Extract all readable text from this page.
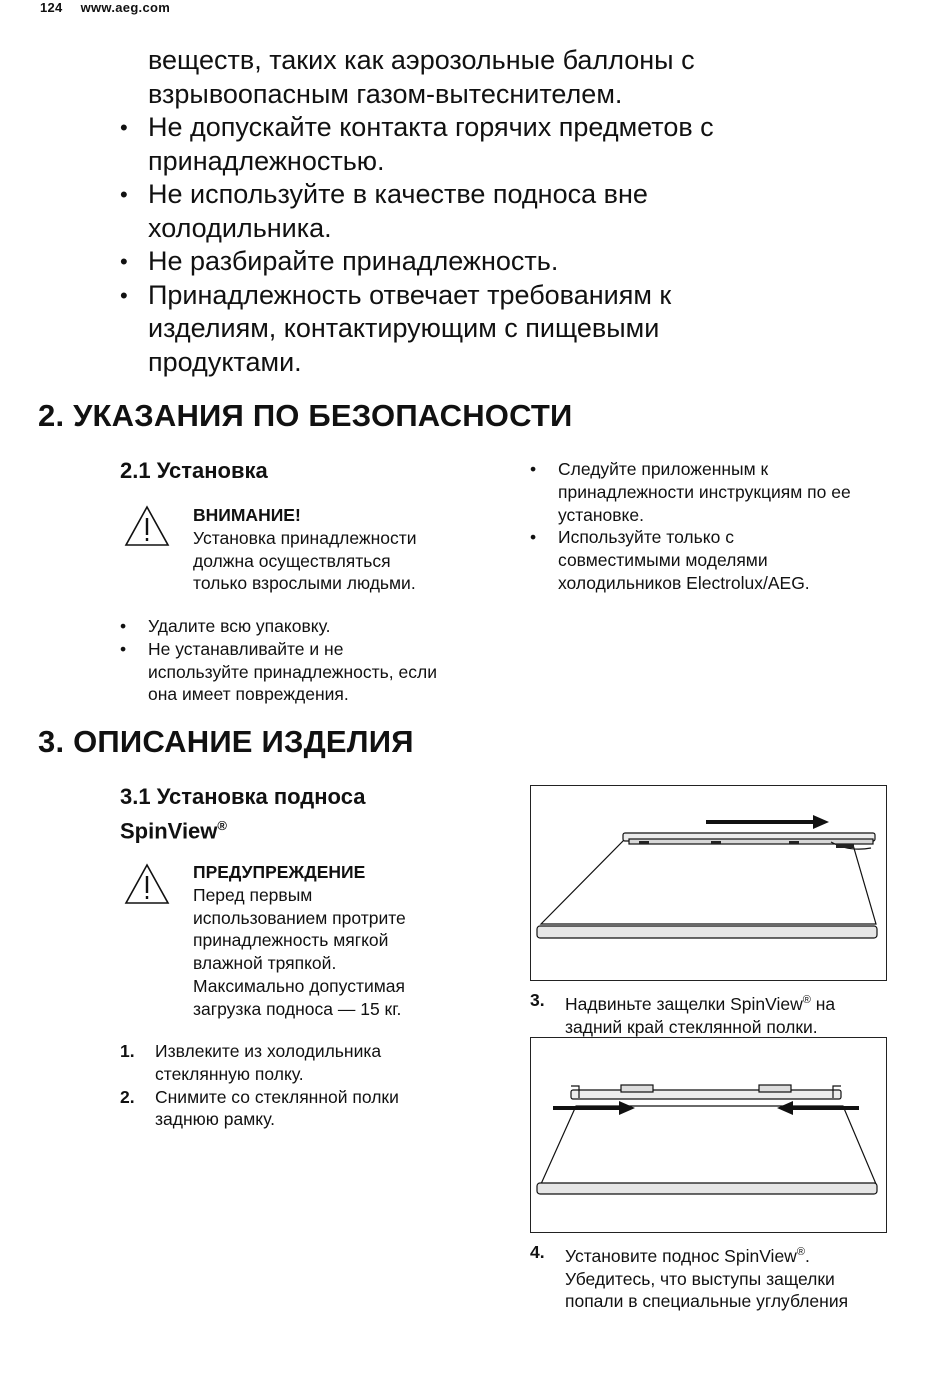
124 www.aeg.com
веществ, таких как аэрозольные баллоны с
взрывоопасным газом-вытеснителем.
• Не допускайте контакта горячих предметов с
принадлежностью.
• Не используйте в качестве подноса вне
холодильника.
• Не разбирайте принадлежность.
• Принадлежность отвечает требованиям к
изделиям, контактирующим с пищевыми
продуктами.
2. УКАЗАНИЯ ПО БЕЗОПАСНОСТИ
2.1 Установка
ВНИМАНИЕ!
Установка принадлежности
должна осуществляться
только взрослыми людьми.
• Удалите всю упаковку.
• Не устанавливайте и не
используйте принадлежность, если
она имеет повреждения.
• Следуйте приложенным к
принадлежности инструкциям по ее
установке.
• Используйте только с
совместимыми моделями
холодильников Electrolux/AEG.
3. ОПИСАНИЕ ИЗДЕЛИЯ
3.1 Установка подноса
SpinView®
ПРЕДУПРЕЖДЕНИЕ
Перед первым
использованием протрите
принадлежность мягкой
влажной тряпкой.
Максимально допустимая
загрузка подноса — 15 кг.
1. Извлеките из холодильника
стеклянную полку.
2. Снимите со стеклянной полки
заднюю рамку.
3. Надвиньте защелки SpinView® на
задний край стеклянной полки.
4. Установите поднос SpinView®.
Убедитесь, что выступы защелки
попали в специальные углубления
